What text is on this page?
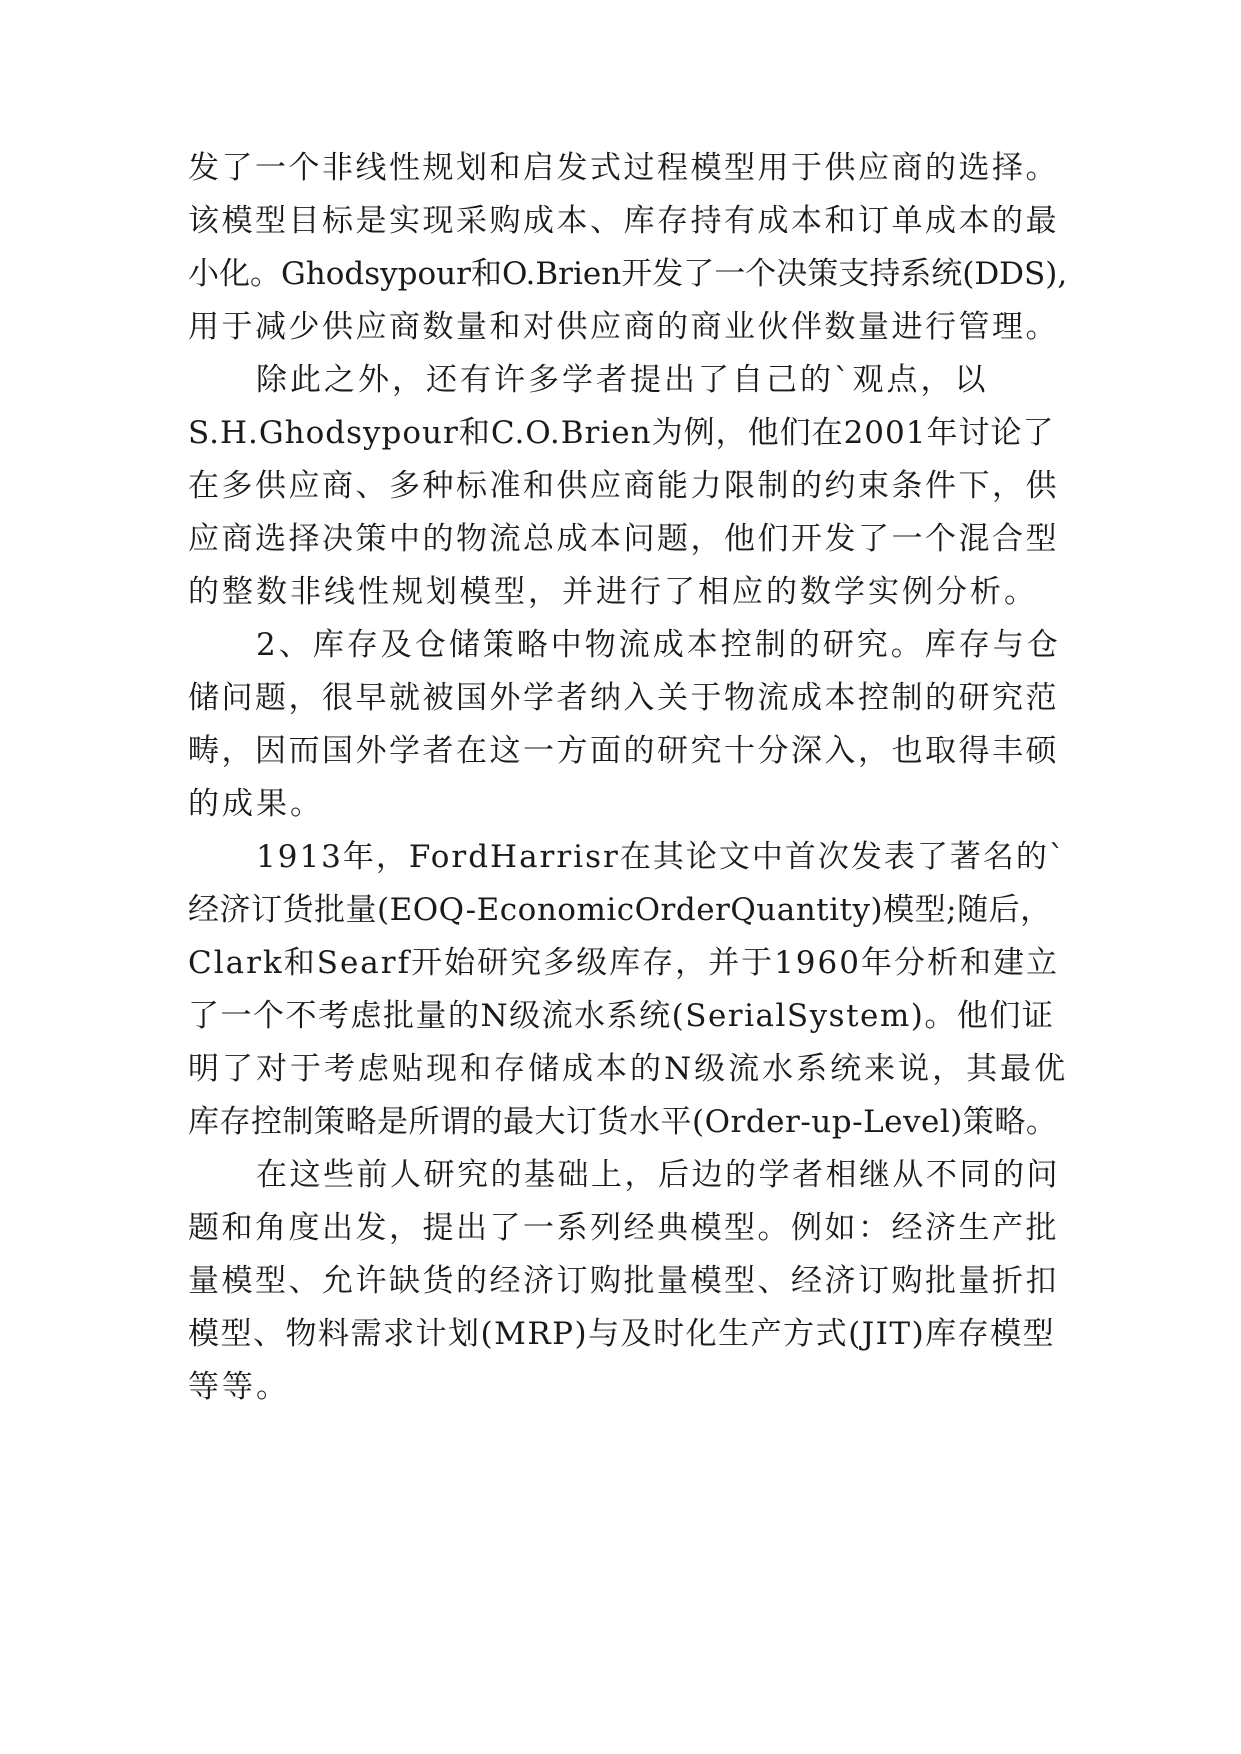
发了一个非线性规划和启发式过程模型用于供应商的选择。
该模型目标是实现采购成本、库存持有成本和订单成本的最
小化。Ghodsypour和O.Brien开发了一个决策支持系统(DDS),
用于减少供应商数量和对供应商的商业伙伴数量进行管理。
除此之外，还有许多学者提出了自己的`观点，以
S.H.Ghodsypour和C.O.Brien为例，他们在2001年讨论了
在多供应商、多种标准和供应商能力限制的约束条件下，供
应商选择决策中的物流总成本问题，他们开发了一个混合型
的整数非线性规划模型，并进行了相应的数学实例分析。
2、库存及仓储策略中物流成本控制的研究。库存与仓
储问题，很早就被国外学者纳入关于物流成本控制的研究范
畴，因而国外学者在这一方面的研究十分深入，也取得丰硕
的成果。
1913年，FordHarrisr在其论文中首次发表了著名的`
经济订货批量(EOQ-EconomicOrderQuantity)模型;随后，
Clark和Searf开始研究多级库存，并于1960年分析和建立
了一个不考虑批量的N级流水系统(SerialSystem)。他们证
明了对于考虑贴现和存储成本的N级流水系统来说，其最优
库存控制策略是所谓的最大订货水平(Order-up-Level)策略。
在这些前人研究的基础上，后边的学者相继从不同的问
题和角度出发，提出了一系列经典模型。例如：经济生产批
量模型、允许缺货的经济订购批量模型、经济订购批量折扣
模型、物料需求计划(MRP)与及时化生产方式(JIT)库存模型
等等。
